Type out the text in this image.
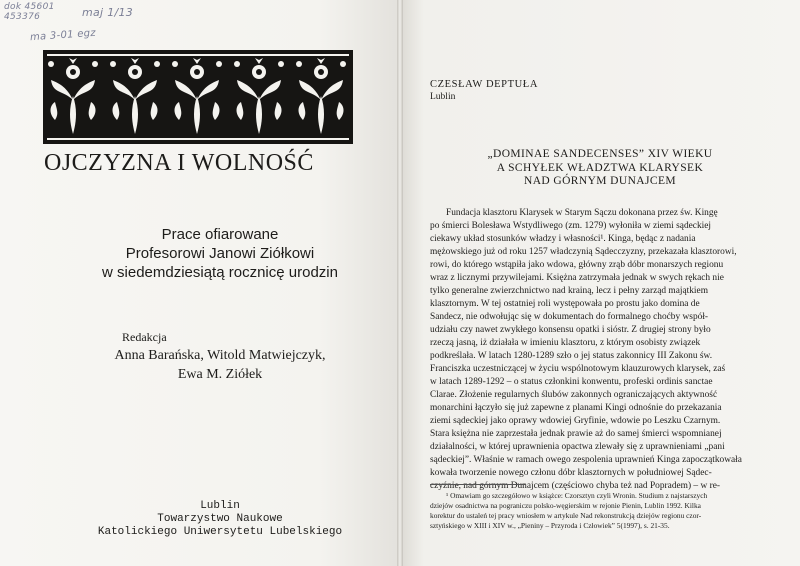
dok 45601
453376	maj 1/13
ma 3-01 egz
OJCZYZNA I WOLNOŚĆ
Prace ofiarowane
Profesorowi Janowi Ziółkowi
w siedemdziesiątą rocznicę urodzin
Redakcja
Anna Barańska, Witold Matwiejczyk,
Ewa M. Ziółek
Lublin
Towarzystwo Naukowe
Katolickiego Uniwersytetu Lubelskiego
CZESŁAW DEPTUŁA
Lublin
„DOMINAE SANDECENSES” XIV WIEKU
A SCHYŁEK WŁADZTWA KLARYSEK
NAD GÓRNYM DUNAJCEM
Fundacja klasztoru Klarysek w Starym Sączu dokonana przez św. Kingę
po śmierci Bolesława Wstydliwego (zm. 1279) wyłoniła w ziemi sądeckiej
ciekawy układ stosunków władzy i własności¹. Kinga, będąc z nadania
mężowskiego już od roku 1257 władczynią Sądecczyzny, przekazała klasztorowi,
rowi, do którego wstąpiła jako wdowa, główny zrąb dóbr monarszych regionu
wraz z licznymi przywilejami. Księżna zatrzymała jednak w swych rękach nie
tylko generalne zwierzchnictwo nad krainą, lecz i pełny zarząd majątkiem
klasztornym. W tej ostatniej roli występowała po prostu jako domina de
Sandecz, nie odwołując się w dokumentach do formalnego choćby współ-
udziału czy nawet zwykłego konsensu opatki i sióstr. Z drugiej strony było
rzeczą jasną, iż działała w imieniu klasztoru, z którym osobisty związek
podkreślała. W latach 1280-1289 szło o jej status zakonnicy III Zakonu św.
Franciszka uczestniczącej w życiu wspólnotowym klauzurowych klarysek, zaś
w latach 1289-1292 – o status członkini konwentu, profeski ordinis sanctae
Clarae. Złożenie regularnych ślubów zakonnych ograniczających aktywność
monarchini łączyło się już zapewne z planami Kingi odnośnie do przekazania
ziemi sądeckiej jako oprawy wdowiej Gryfinie, wdowie po Leszku Czarnym.
Stara księżna nie zaprzestała jednak prawie aż do samej śmierci wspomnianej
działalności, w której uprawnienia opactwa zlewały się z uprawnieniami „pani
sądeckiej”. Właśnie w ramach owego zespolenia uprawnień Kinga zapoczątkowała
kowała tworzenie nowego członu dóbr klasztornych w południowej Sądec-
czyźnie, nad górnym Dunajcem (częściowo chyba też nad Popradem) – w re-
¹ Omawiam go szczegółowo w książce: Czorsztyn czyli Wronin. Studium z najstarszych
dziejów osadnictwa na pograniczu polsko-węgierskim w rejonie Pienin, Lublin 1992. Kilka
korektur do ustaleń tej pracy wniosłem w artykule Nad rekonstrukcją dziejów regionu czor-
sztyńskiego w XIII i XIV w., „Pieniny – Przyroda i Człowiek” 5(1997), s. 21-35.
